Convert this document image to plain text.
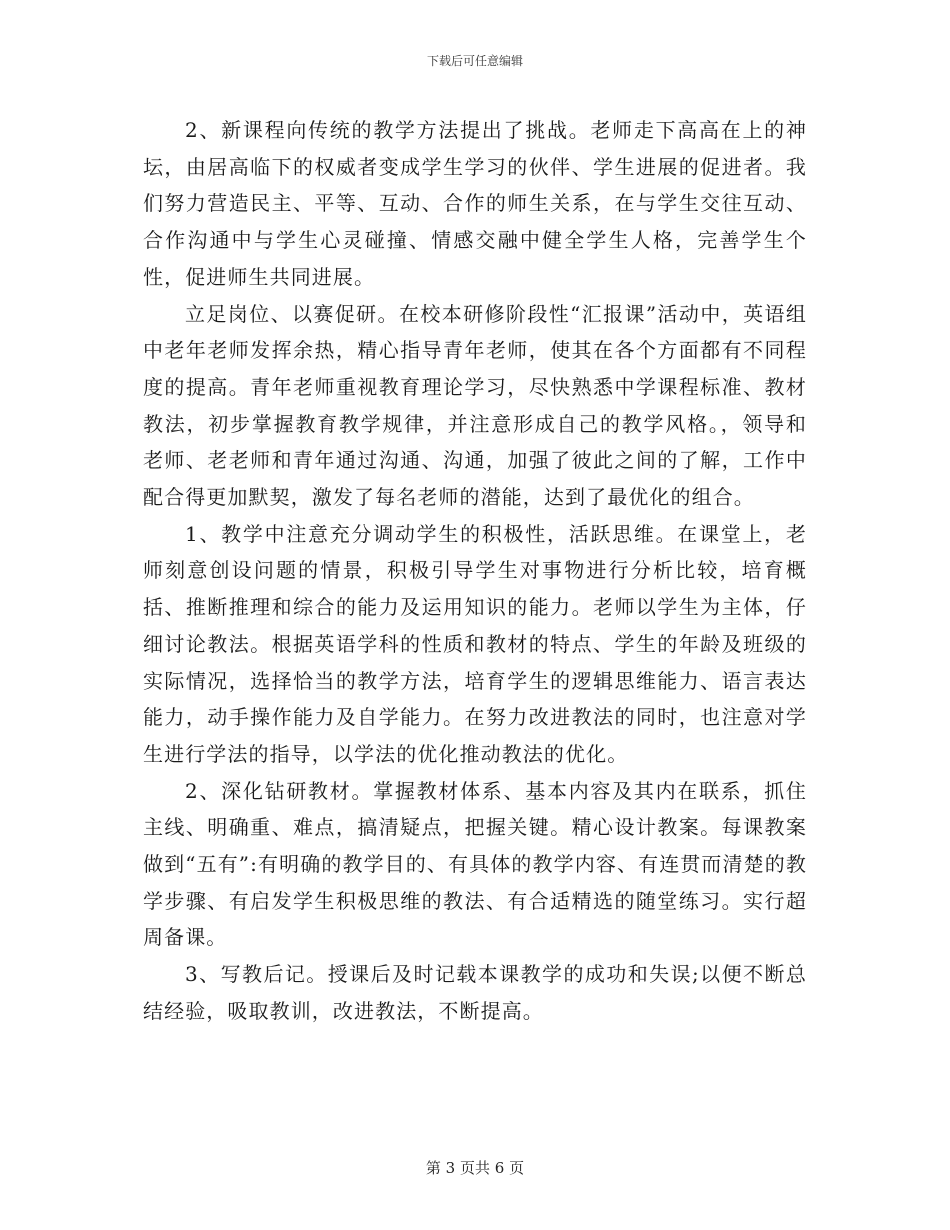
下载后可任意编辑

2、新课程向传统的教学方法提出了挑战。老师走下高高在上的神坛，由居高临下的权威者变成学生学习的伙伴、学生进展的促进者。我们努力营造民主、平等、互动、合作的师生关系，在与学生交往互动、合作沟通中与学生心灵碰撞、情感交融中健全学生人格，完善学生个性，促进师生共同进展。

立足岗位、以赛促研。在校本研修阶段性“汇报课”活动中，英语组中老年老师发挥余热，精心指导青年老师，使其在各个方面都有不同程度的提高。青年老师重视教育理论学习，尽快熟悉中学课程标准、教材教法，初步掌握教育教学规律，并注意形成自己的教学风格。，领导和老师、老老师和青年通过沟通、沟通，加强了彼此之间的了解，工作中配合得更加默契，激发了每名老师的潜能，达到了最优化的组合。

1、教学中注意充分调动学生的积极性，活跃思维。在课堂上，老师刻意创设问题的情景，积极引导学生对事物进行分析比较，培育概括、推断推理和综合的能力及运用知识的能力。老师以学生为主体，仔细讨论教法。根据英语学科的性质和教材的特点、学生的年龄及班级的实际情况，选择恰当的教学方法，培育学生的逻辑思维能力、语言表达能力，动手操作能力及自学能力。在努力改进教法的同时，也注意对学生进行学法的指导，以学法的优化推动教法的优化。

2、深化钻研教材。掌握教材体系、基本内容及其内在联系，抓住主线、明确重、难点，搞清疑点，把握关键。精心设计教案。每课教案做到“五有”:有明确的教学目的、有具体的教学内容、有连贯而清楚的教学步骤、有启发学生积极思维的教法、有合适精选的随堂练习。实行超周备课。

3、写教后记。授课后及时记载本课教学的成功和失误;以便不断总结经验，吸取教训，改进教法，不断提高。

第 3 页共 6 页
